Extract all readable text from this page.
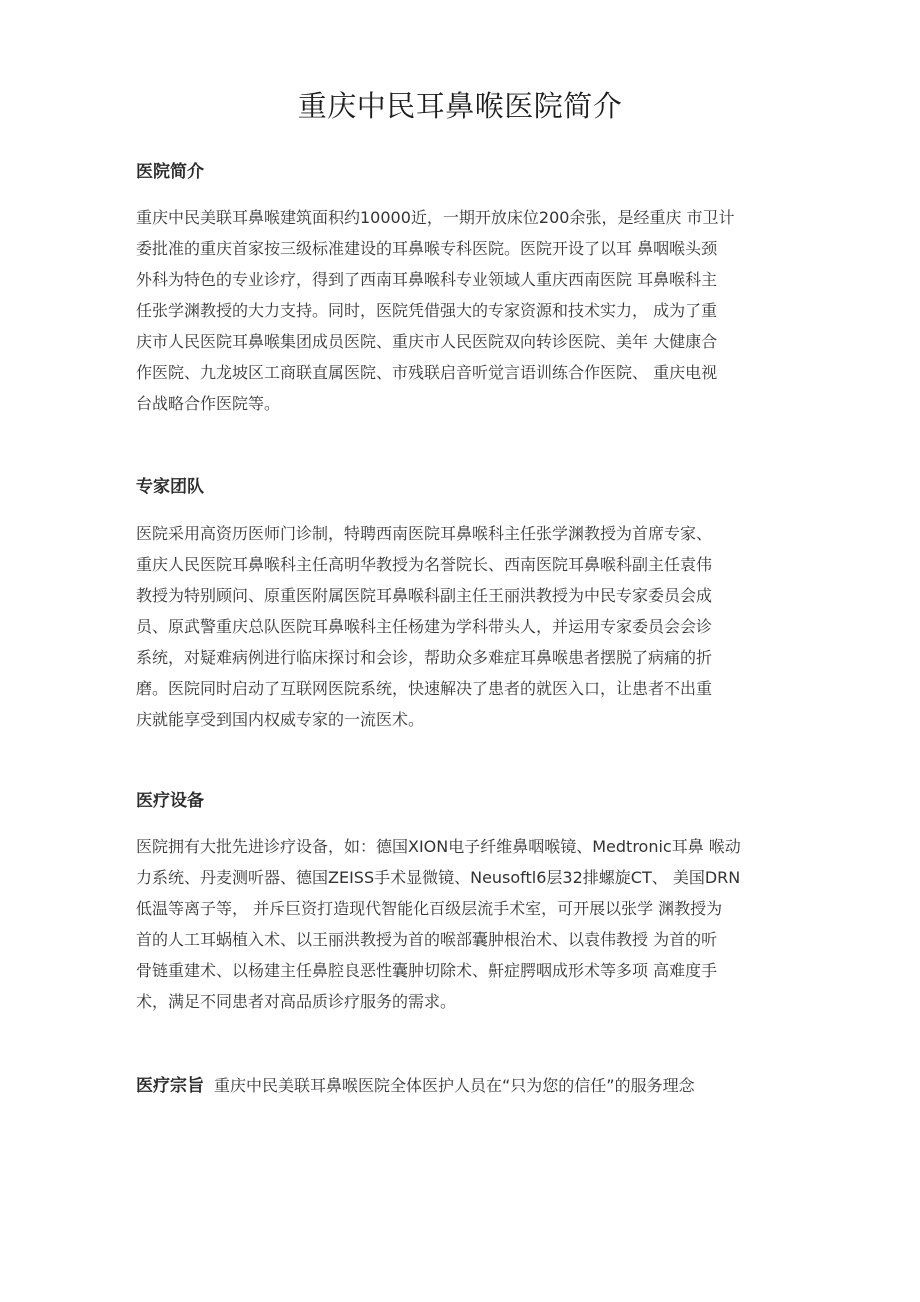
重庆中民耳鼻喉医院简介
医院简介

重庆中民美联耳鼻喉建筑面积约10000近，一期开放床位200余张，是经重庆 市卫计
委批准的重庆首家按三级标准建设的耳鼻喉专科医院。医院开设了以耳 鼻咽喉头颈
外科为特色的专业诊疗，得到了西南耳鼻喉科专业领域人重庆西南医院 耳鼻喉科主
任张学渊教授的大力支持。同时，医院凭借强大的专家资源和技术实力， 成为了重
庆市人民医院耳鼻喉集团成员医院、重庆市人民医院双向转诊医院、美年 大健康合
作医院、九龙坡区工商联直属医院、市残联启音听觉言语训练合作医院、 重庆电视
台战略合作医院等。

专家团队

医院采用高资历医师门诊制，特聘西南医院耳鼻喉科主任张学渊教授为首席专家、
重庆人民医院耳鼻喉科主任高明华教授为名誉院长、西南医院耳鼻喉科副主任袁伟
教授为特别顾问、原重医附属医院耳鼻喉科副主任王丽洪教授为中民专家委员会成
员、原武警重庆总队医院耳鼻喉科主任杨建为学科带头人，并运用专家委员会会诊
系统，对疑难病例进行临床探讨和会诊，帮助众多难症耳鼻喉患者摆脱了病痛的折
磨。医院同时启动了互联网医院系统，快速解决了患者的就医入口，让患者不出重
庆就能享受到国内权威专家的一流医术。

医疗设备

医院拥有大批先进诊疗设备，如：德国XION电子纤维鼻咽喉镜、Medtronic耳鼻 喉动
力系统、丹麦测听器、德国ZEISS手术显微镜、Neusoftl6层32排螺旋CT、 美国DRN
低温等离子等， 并斥巨资打造现代智能化百级层流手术室，可开展以张学 渊教授为
首的人工耳蜗植入术、以王丽洪教授为首的喉部囊肿根治术、以袁伟教授 为首的听
骨链重建术、以杨建主任鼻腔良恶性囊肿切除术、鼾症腭咽成形术等多项 高难度手
术，满足不同患者对高品质诊疗服务的需求。

医疗宗旨 重庆中民美联耳鼻喉医院全体医护人员在“只为您的信任”的服务理念
